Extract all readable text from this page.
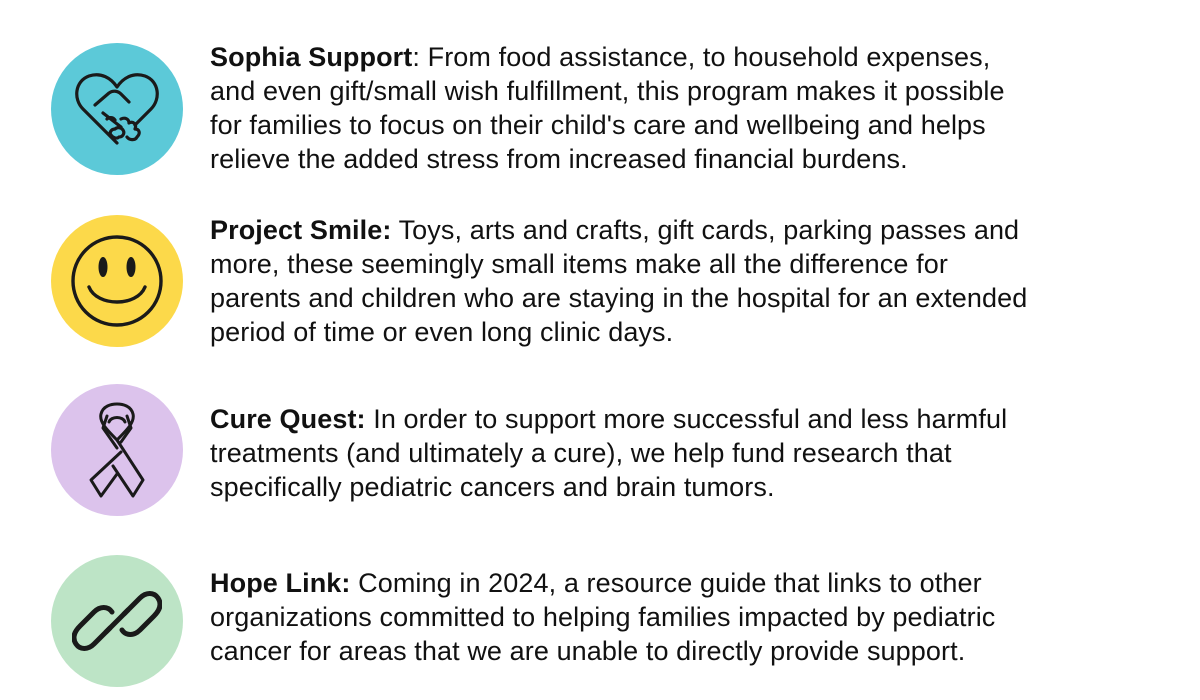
Sophia Support: From food assistance, to household expenses,
and even gift/small wish fulfillment, this program makes it possible
for families to focus on their child's care and wellbeing and helps
relieve the added stress from increased financial burdens.

Project Smile: Toys, arts and crafts, gift cards, parking passes and
more, these seemingly small items make all the difference for
parents and children who are staying in the hospital for an extended
period of time or even long clinic days.

Cure Quest: In order to support more successful and less harmful
treatments (and ultimately a cure), we help fund research that
specifically pediatric cancers and brain tumors.

Hope Link: Coming in 2024, a resource guide that links to other
organizations committed to helping families impacted by pediatric
cancer for areas that we are unable to directly provide support.
